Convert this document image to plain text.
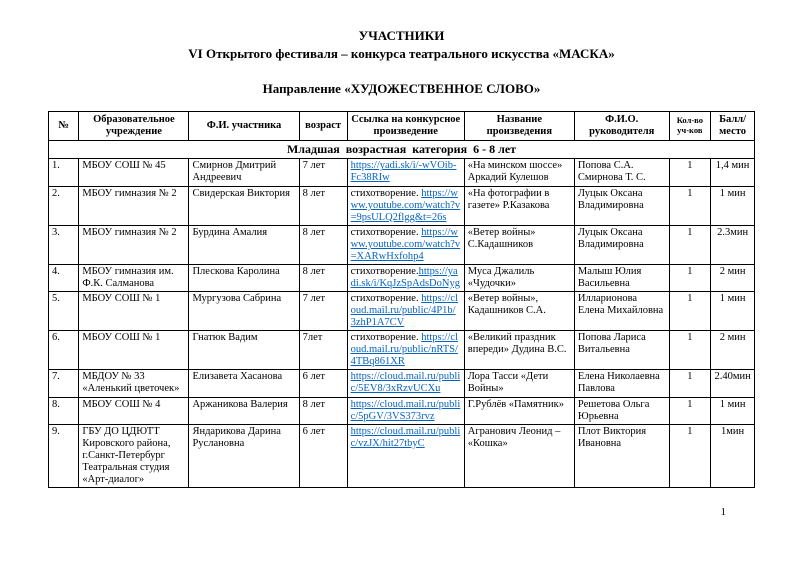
УЧАСТНИКИ
VI Открытого фестиваля – конкурса театрального искусства «МАСКА»
Направление «ХУДОЖЕСТВЕННОЕ СЛОВО»
№	Образовательное учреждение	Ф.И. участника	возраст	Ссылка на конкурсное произведение	Название произведения	Ф.И.О. руководителя	Кол-во уч-ков	Балл/ место
Младшая  возрастная  категория  6 - 8 лет								
1.	МБОУ СОШ № 45	Смирнов Дмитрий Андреевич	7 лет	https://yadi.sk/i/-wVOib-Fc38RIw	«На минском шоссе» Аркадий Кулешов	Попова С.А. Смирнова Т. С.	1	1,4 мин
2.	МБОУ гимназия № 2	Свидерская Виктория	8 лет	стихотворение. https://www.youtube.com/watch?v=9psULQ2flgg&t=26s	«На фотографии в газете» Р.Казакова	Луцык Оксана Владимировна	1	1 мин
3.	МБОУ гимназия № 2	Бурдина Амалия	8 лет	стихотворение. https://www.youtube.com/watch?v=XARwHxfohp4	«Ветер войны» С.Кадашников	Луцык Оксана Владимировна	1	2.3мин
4.	МБОУ гимназия им. Ф.К. Салманова	Плескова Каролина	8 лет	стихотворение.https://yadi.sk/i/KqJzSpAdsDoNyg	Муса Джалиль «Чудочки»	Малыш Юлия Васильевна	1	2 мин
5.	МБОУ СОШ № 1	Мургузова Сабрина	7 лет	стихотворение. https://cloud.mail.ru/public/4P1b/3zhP1A7CV	«Ветер войны», Кадашников С.А.	Илларионова Елена Михайловна	1	1 мин
6.	МБОУ СОШ № 1	Гнатюк Вадим	7лет	стихотворение. https://cloud.mail.ru/public/nRTS/4TBq861XR	«Великий праздник впереди» Дудина В.С.	Попова Лариса Витальевна	1	2 мин
7.	МБДОУ № 33 «Аленький цветочек»	Елизавета Хасанова	6 лет	https://cloud.mail.ru/public/5EV8/3xRzvUCXu	Лора Тасси «Дети Войны»	Елена Николаевна Павлова	1	2.40мин
8.	МБОУ СОШ № 4	Аржаникова Валерия	8 лет	https://cloud.mail.ru/public/5pGV/3VS373rvz	Г.Рублёв «Памятник»	Решетова Ольга Юрьевна	1	1 мин
9.	ГБУ ДО ЦДЮТТ Кировского района, г.Санкт-Петербург Театральная студия «Арт-диалог»	Яндарикова Дарина Руслановна	6 лет	https://cloud.mail.ru/public/vzJX/hit27tbyC	Агранович Леонид – «Кошка»	Плот Виктория Ивановна	1	1мин
1
